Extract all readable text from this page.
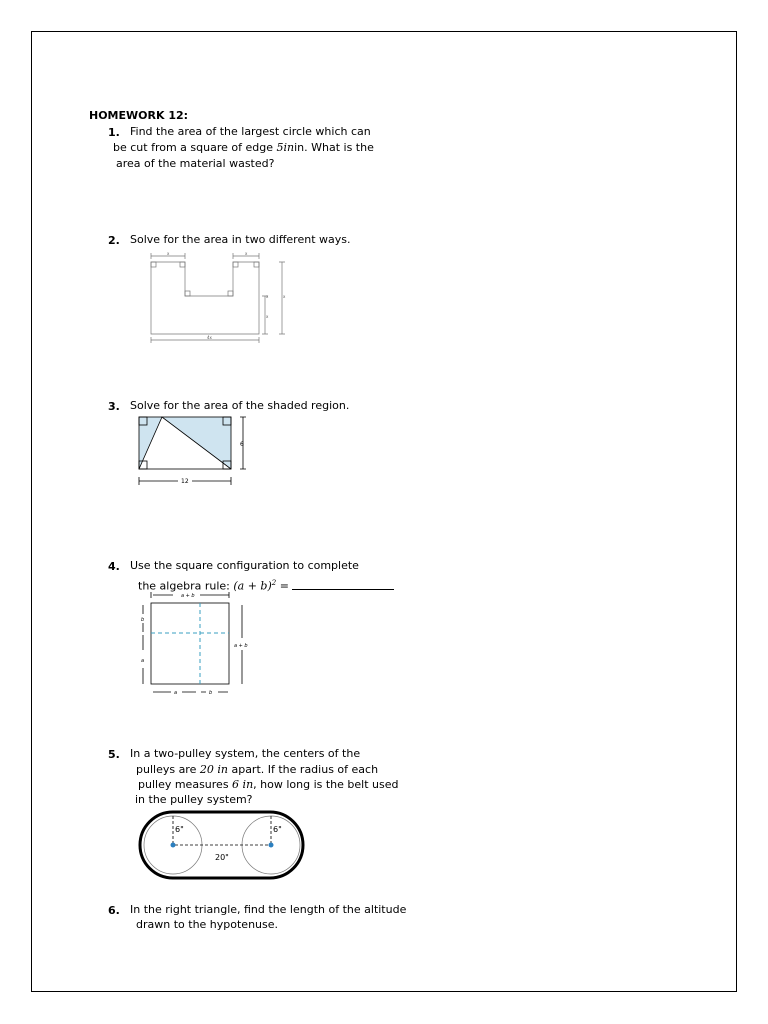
HOMEWORK 12:
1. Find the area of the largest circle which can
be cut from a square of edge 5inin. What is the
area of the material wasted?
2. Solve for the area in two different ways.
x	x
x
x
x
4x
3. Solve for the area of the shaded region.
6
12
4. Use the square configuration to complete
the algebra rule: $(a + b)^2$ =
a + b
b
a
a + b
a	b
5. In a two-pulley system, the centers of the
pulleys are 20 in apart. If the radius of each
pulley measures 6 in, how long is the belt used
in the pulley system?
6"	6"
20"
6. In the right triangle, find the length of the altitude
drawn to the hypotenuse.
